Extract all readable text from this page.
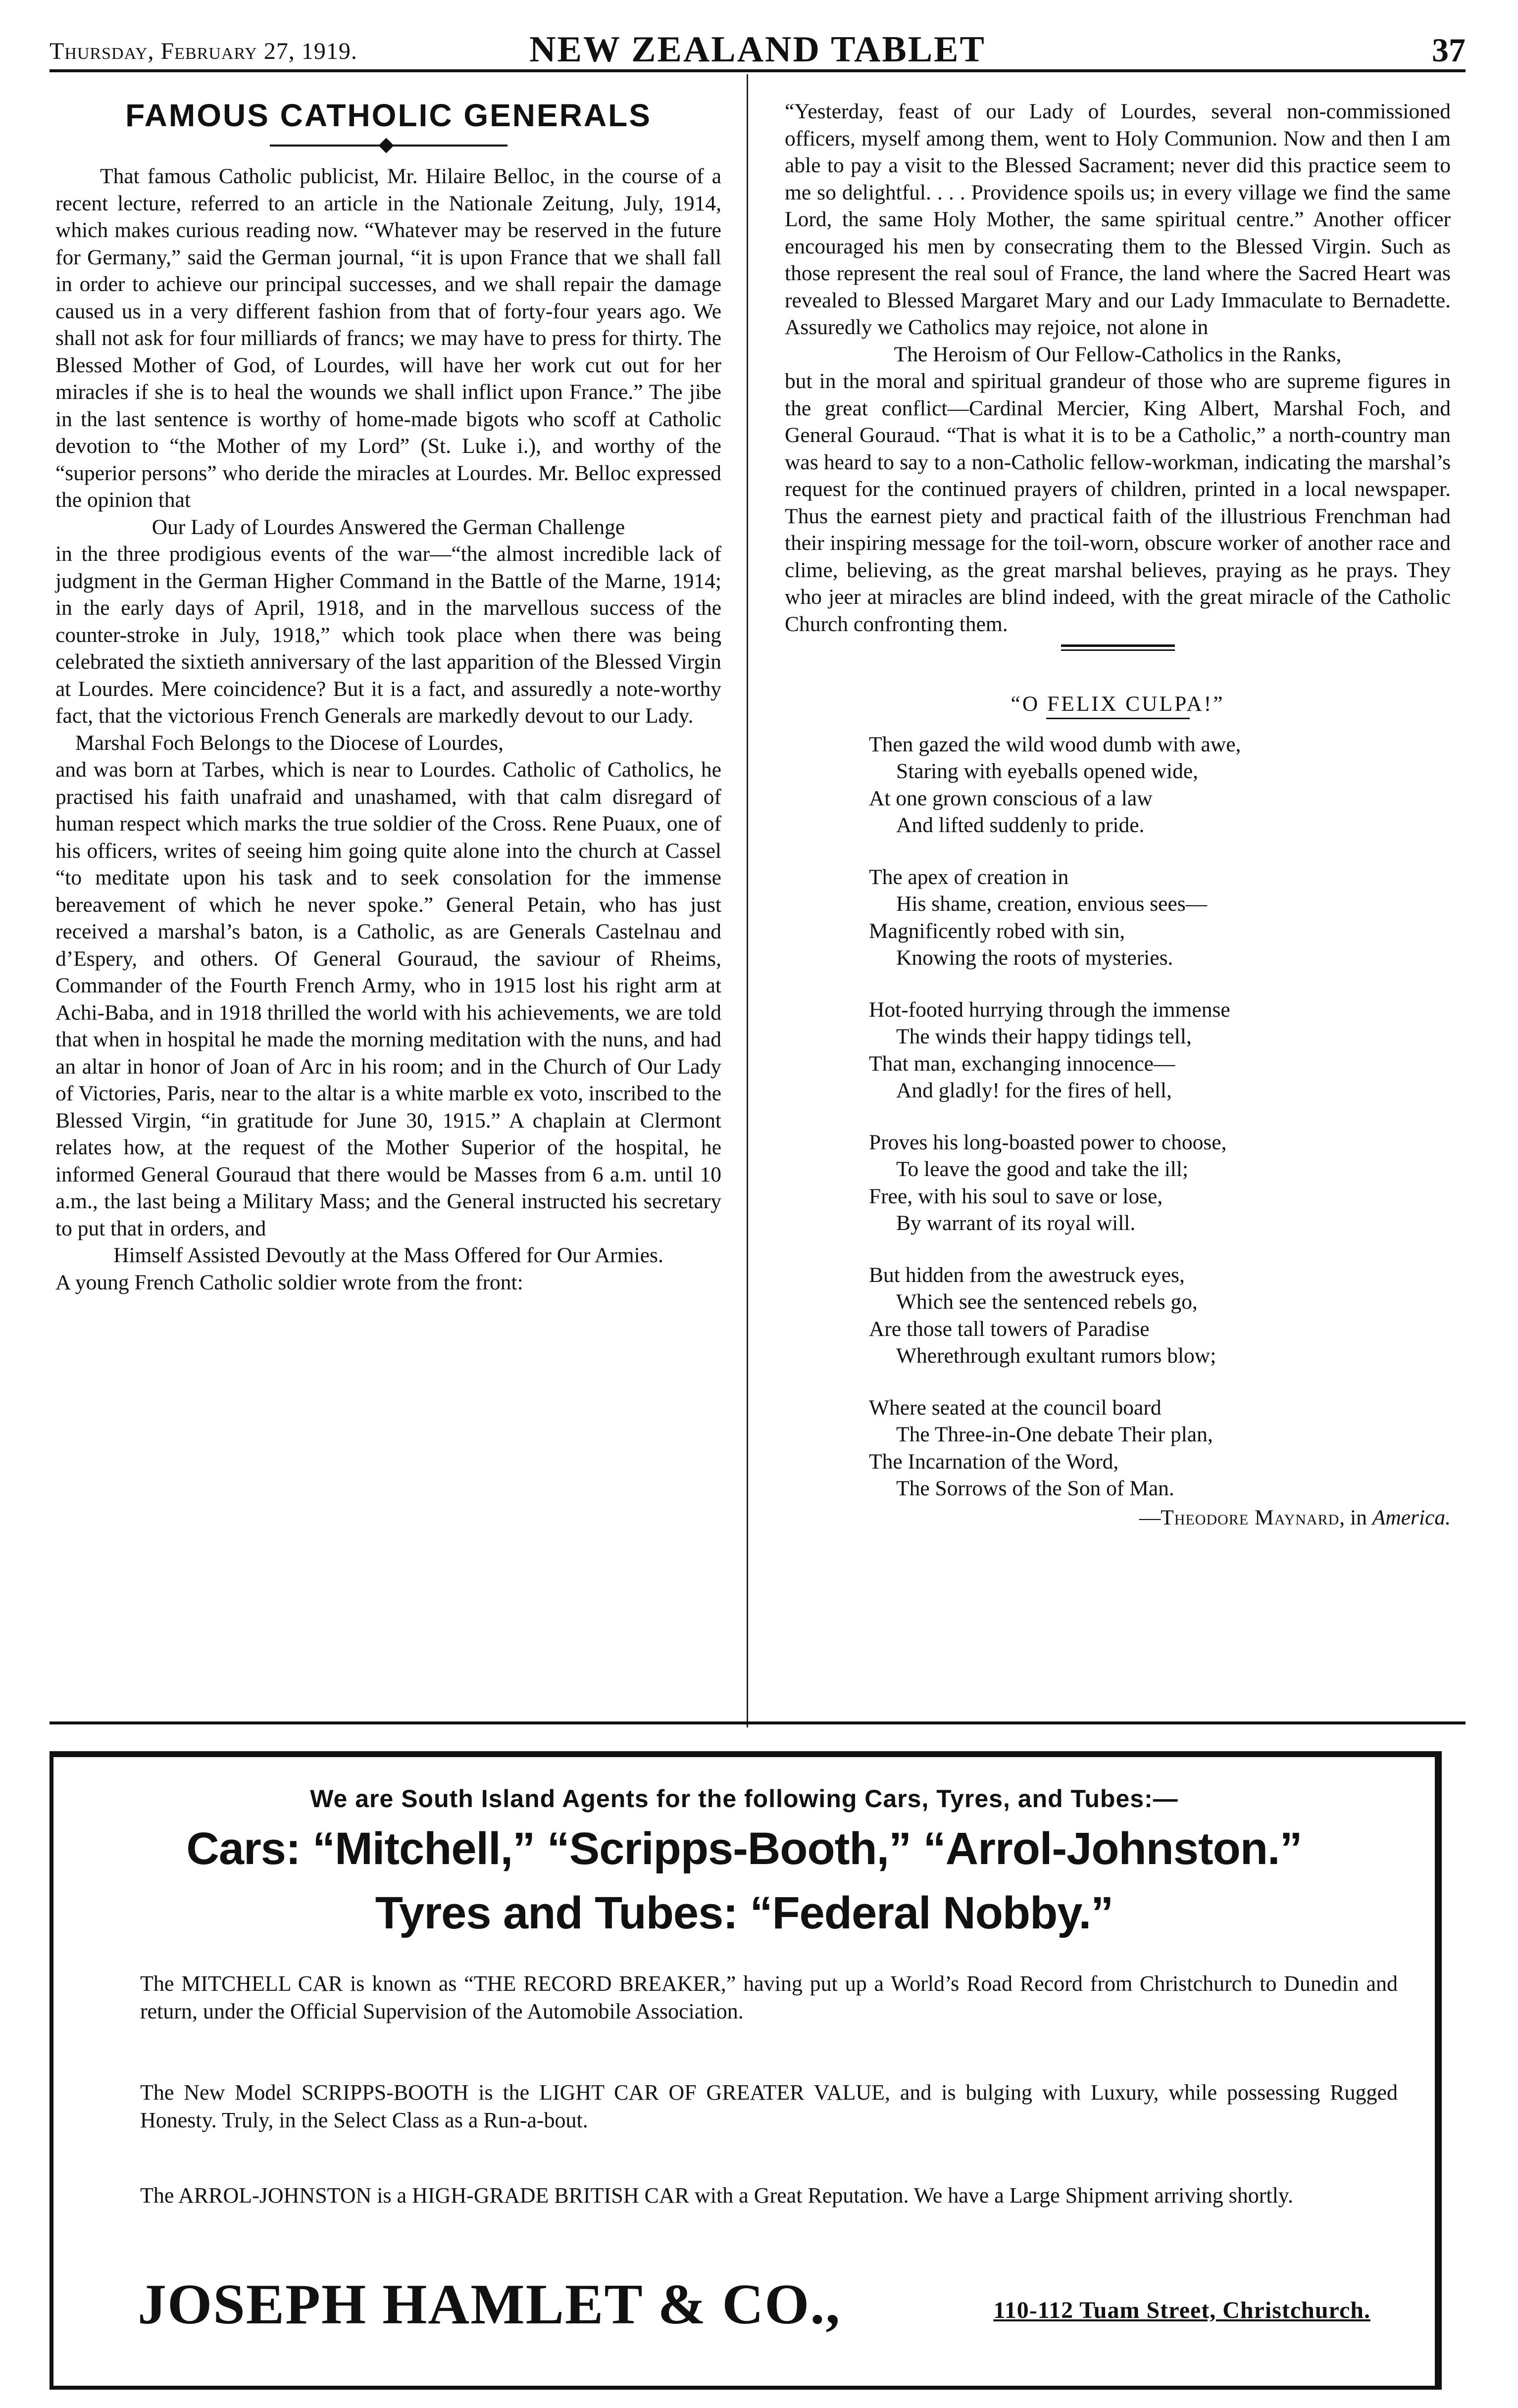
Thursday, February 27, 1919.	NEW ZEALAND TABLET	37
FAMOUS CATHOLIC GENERALS

That famous Catholic publicist, Mr. Hilaire Belloc, in the course of a recent lecture, referred to an article in the Nationale Zeitung, July, 1914, which makes curious reading now. “Whatever may be reserved in the future for Germany,” said the German journal, “it is upon France that we shall fall in order to achieve our principal successes, and we shall repair the damage caused us in a very different fashion from that of forty-four years ago. We shall not ask for four milliards of francs; we may have to press for thirty. The Blessed Mother of God, of Lourdes, will have her work cut out for her miracles if she is to heal the wounds we shall inflict upon France.” The jibe in the last sentence is worthy of home-made bigots who scoff at Catholic devotion to “the Mother of my Lord” (St. Luke i.), and worthy of the “superior persons” who deride the miracles at Lourdes. Mr. Belloc expressed the opinion that

Our Lady of Lourdes Answered the German Challenge

in the three prodigious events of the war—“the almost incredible lack of judgment in the German Higher Command in the Battle of the Marne, 1914; in the early days of April, 1918, and in the marvellous success of the counter-stroke in July, 1918,” which took place when there was being celebrated the sixtieth anniversary of the last apparition of the Blessed Virgin at Lourdes. Mere coincidence? But it is a fact, and assuredly a note-worthy fact, that the victorious French Generals are markedly devout to our Lady.

Marshal Foch Belongs to the Diocese of Lourdes,

and was born at Tarbes, which is near to Lourdes. Catholic of Catholics, he practised his faith unafraid and unashamed, with that calm disregard of human respect which marks the true soldier of the Cross. Rene Puaux, one of his officers, writes of seeing him going quite alone into the church at Cassel “to meditate upon his task and to seek consolation for the immense bereavement of which he never spoke.” General Petain, who has just received a marshal’s baton, is a Catholic, as are Generals Castelnau and d’Espery, and others. Of General Gouraud, the saviour of Rheims, Commander of the Fourth French Army, who in 1915 lost his right arm at Achi-Baba, and in 1918 thrilled the world with his achievements, we are told that when in hospital he made the morning meditation with the nuns, and had an altar in honor of Joan of Arc in his room; and in the Church of Our Lady of Victories, Paris, near to the altar is a white marble ex voto, inscribed to the Blessed Virgin, “in gratitude for June 30, 1915.” A chaplain at Clermont relates how, at the request of the Mother Superior of the hospital, he informed General Gouraud that there would be Masses from 6 a.m. until 10 a.m., the last being a Military Mass; and the General instructed his secretary to put that in orders, and

Himself Assisted Devoutly at the Mass Offered for Our Armies.

A young French Catholic soldier wrote from the front:

“Yesterday, feast of our Lady of Lourdes, several non-commissioned officers, myself among them, went to Holy Communion. Now and then I am able to pay a visit to the Blessed Sacrament; never did this practice seem to me so delightful. . . . Providence spoils us; in every village we find the same Lord, the same Holy Mother, the same spiritual centre.” Another officer encouraged his men by consecrating them to the Blessed Virgin. Such as those represent the real soul of France, the land where the Sacred Heart was revealed to Blessed Margaret Mary and our Lady Immaculate to Bernadette. Assuredly we Catholics may rejoice, not alone in

The Heroism of Our Fellow-Catholics in the Ranks,

but in the moral and spiritual grandeur of those who are supreme figures in the great conflict—Cardinal Mercier, King Albert, Marshal Foch, and General Gouraud. “That is what it is to be a Catholic,” a north-country man was heard to say to a non-Catholic fellow-workman, indicating the marshal’s request for the continued prayers of children, printed in a local newspaper. Thus the earnest piety and practical faith of the illustrious Frenchman had their inspiring message for the toil-worn, obscure worker of another race and clime, believing, as the great marshal believes, praying as he prays. They who jeer at miracles are blind indeed, with the great miracle of the Catholic Church confronting them.

“O FELIX CULPA!”

Then gazed the wild wood dumb with awe,
Staring with eyeballs opened wide,
At one grown conscious of a law
And lifted suddenly to pride.
The apex of creation in
His shame, creation, envious sees—
Magnificently robed with sin,
Knowing the roots of mysteries.
Hot-footed hurrying through the immense
The winds their happy tidings tell,
That man, exchanging innocence—
And gladly! for the fires of hell,
Proves his long-boasted power to choose,
To leave the good and take the ill;
Free, with his soul to save or lose,
By warrant of its royal will.
But hidden from the awestruck eyes,
Which see the sentenced rebels go,
Are those tall towers of Paradise
Wherethrough exultant rumors blow;
Where seated at the council board
The Three-in-One debate Their plan,
The Incarnation of the Word,
The Sorrows of the Son of Man.

—Theodore Maynard, in America.

We are South Island Agents for the following Cars, Tyres, and Tubes:—
Cars: “Mitchell,” “Scripps-Booth,” “Arrol-Johnston.”
Tyres and Tubes: “Federal Nobby.”
The MITCHELL CAR is known as “THE RECORD BREAKER,” having put up a World’s Road Record from Christchurch to Dunedin and return, under the Official Supervision of the Automobile Association.
The New Model SCRIPPS-BOOTH is the LIGHT CAR OF GREATER VALUE, and is bulging with Luxury, while possessing Rugged Honesty. Truly, in the Select Class as a Run-a-bout.
The ARROL-JOHNSTON is a HIGH-GRADE BRITISH CAR with a Great Reputation. We have a Large Shipment arriving shortly.
JOSEPH HAMLET & CO.,	110-112 Tuam Street, Christchurch.
